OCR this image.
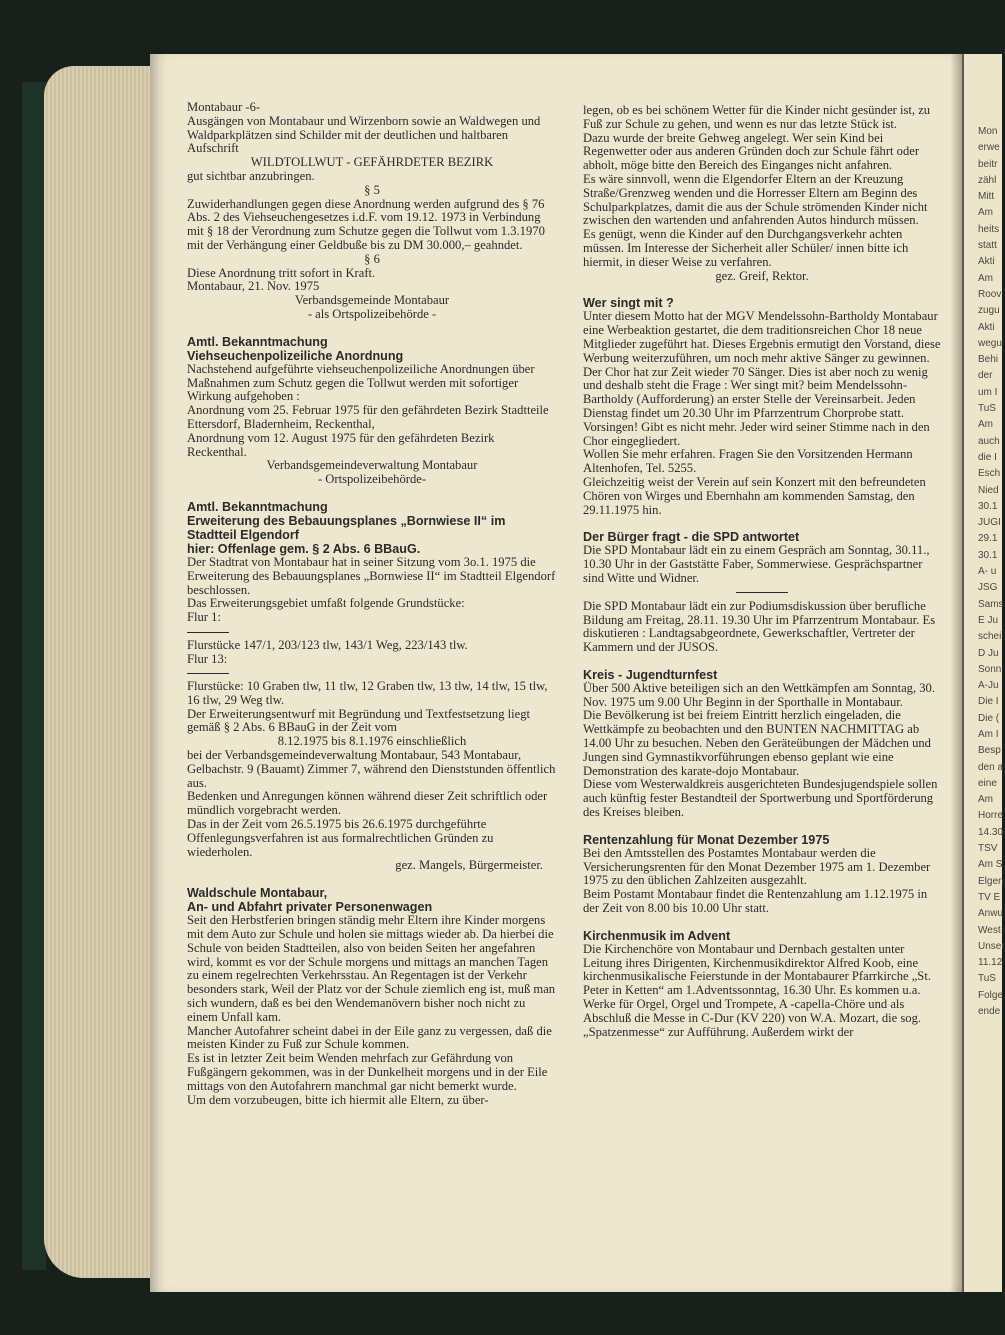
Montabaur -6-

Ausgängen von Montabaur und Wirzenborn sowie an Waldwegen und Waldparkplätzen sind Schilder mit der deutlichen und haltbaren Aufschrift

WILDTOLLWUT - GEFÄHRDETER BEZIRK

gut sichtbar anzubringen.

§ 5

Zuwiderhandlungen gegen diese Anordnung werden aufgrund des § 76 Abs. 2 des Viehseuchengesetzes i.d.F. vom 19.12. 1973 in Verbindung mit § 18 der Verordnung zum Schutze gegen die Tollwut vom 1.3.1970 mit der Verhängung einer Geldbuße bis zu DM 30.000,– geahndet.

§ 6

Diese Anordnung tritt sofort in Kraft.

Montabaur, 21. Nov. 1975

Verbandsgemeinde Montabaur

- als Ortspolizeibehörde -

Amtl. Bekanntmachung

Viehseuchenpolizeiliche Anordnung

Nachstehend aufgeführte viehseuchenpolizeiliche Anordnungen über Maßnahmen zum Schutz gegen die Tollwut werden mit sofortiger Wirkung aufgehoben :

Anordnung vom 25. Februar 1975 für den gefährdeten Bezirk Stadtteile Ettersdorf, Bladernheim, Reckenthal,

Anordnung vom 12. August 1975 für den gefährdeten Bezirk Reckenthal.

Verbandsgemeindeverwaltung Montabaur

- Ortspolizeibehörde-

Amtl. Bekanntmachung

Erweiterung des Bebauungsplanes „Bornwiese II“ im Stadtteil Elgendorf

hier: Offenlage gem. § 2 Abs. 6 BBauG.

Der Stadtrat von Montabaur hat in seiner Sitzung vom 3o.1. 1975 die Erweiterung des Bebauungsplanes „Bornwiese II“ im Stadtteil Elgendorf beschlossen.

Das Erweiterungsgebiet umfaßt folgende Grundstücke:

Flur 1:

Flurstücke 147/1, 203/123 tlw, 143/1 Weg, 223/143 tlw.

Flur 13:

Flurstücke: 10 Graben tlw, 11 tlw, 12 Graben tlw, 13 tlw, 14 tlw, 15 tlw, 16 tlw, 29 Weg tlw.

Der Erweiterungsentwurf mit Begründung und Textfestsetzung liegt gemäß § 2 Abs. 6 BBauG in der Zeit vom

8.12.1975 bis 8.1.1976 einschließlich

bei der Verbandsgemeindeverwaltung Montabaur, 543 Montabaur, Gelbachstr. 9 (Bauamt) Zimmer 7, während den Dienststunden öffentlich aus.

Bedenken und Anregungen können während dieser Zeit schriftlich oder mündlich vorgebracht werden.

Das in der Zeit vom 26.5.1975 bis 26.6.1975 durchgeführte Offenlegungsverfahren ist aus formalrechtlichen Gründen zu wiederholen.

gez. Mangels, Bürgermeister.

Waldschule Montabaur,

An- und Abfahrt privater Personenwagen

Seit den Herbstferien bringen ständig mehr Eltern ihre Kinder morgens mit dem Auto zur Schule und holen sie mittags wieder ab. Da hierbei die Schule von beiden Stadtteilen, also von beiden Seiten her angefahren wird, kommt es vor der Schule morgens und mittags an manchen Tagen zu einem regelrechten Verkehrsstau. An Regentagen ist der Verkehr besonders stark, Weil der Platz vor der Schule ziemlich eng ist, muß man sich wundern, daß es bei den Wendemanövern bisher noch nicht zu einem Unfall kam.

Mancher Autofahrer scheint dabei in der Eile ganz zu vergessen, daß die meisten Kinder zu Fuß zur Schule kommen.

Es ist in letzter Zeit beim Wenden mehrfach zur Gefährdung von Fußgängern gekommen, was in der Dunkelheit morgens und in der Eile mittags von den Autofahrern manchmal gar nicht bemerkt wurde.

Um dem vorzubeugen, bitte ich hiermit alle Eltern, zu über-

legen, ob es bei schönem Wetter für die Kinder nicht gesünder ist, zu Fuß zur Schule zu gehen, und wenn es nur das letzte Stück ist.

Dazu wurde der breite Gehweg angelegt. Wer sein Kind bei Regenwetter oder aus anderen Gründen doch zur Schule fährt oder abholt, möge bitte den Bereich des Einganges nicht anfahren.

Es wäre sinnvoll, wenn die Elgendorfer Eltern an der Kreuzung Straße/Grenzweg wenden und die Horresser Eltern am Beginn des Schulparkplatzes, damit die aus der Schule strömenden Kinder nicht zwischen den wartenden und anfahrenden Autos hindurch müssen.

Es genügt, wenn die Kinder auf den Durchgangsverkehr achten müssen. Im Interesse der Sicherheit aller Schüler/ innen bitte ich hiermit, in dieser Weise zu verfahren.

gez. Greif, Rektor.

Wer singt mit ?

Unter diesem Motto hat der MGV Mendelssohn-Bartholdy Montabaur eine Werbeaktion gestartet, die dem traditionsreichen Chor 18 neue Mitglieder zugeführt hat. Dieses Ergebnis ermutigt den Vorstand, diese Werbung weiterzuführen, um noch mehr aktive Sänger zu gewinnen.

Der Chor hat zur Zeit wieder 70 Sänger. Dies ist aber noch zu wenig und deshalb steht die Frage : Wer singt mit? beim Mendelssohn-Bartholdy (Aufforderung) an erster Stelle der Vereinsarbeit. Jeden Dienstag findet um 20.30 Uhr im Pfarrzentrum Chorprobe statt. Vorsingen! Gibt es nicht mehr. Jeder wird seiner Stimme nach in den Chor eingegliedert.

Wollen Sie mehr erfahren. Fragen Sie den Vorsitzenden Hermann Altenhofen, Tel. 5255.

Gleichzeitig weist der Verein auf sein Konzert mit den befreundeten Chören von Wirges und Ebernhahn am kommenden Samstag, den 29.11.1975 hin.

Der Bürger fragt - die SPD antwortet

Die SPD Montabaur lädt ein zu einem Gespräch am Sonntag, 30.11., 10.30 Uhr in der Gaststätte Faber, Sommerwiese. Gesprächspartner sind Witte und Widner.

Die SPD Montabaur lädt ein zur Podiumsdiskussion über berufliche Bildung am Freitag, 28.11. 19.30 Uhr im Pfarrzentrum Montabaur. Es diskutieren : Landtagsabgeordnete, Gewerkschaftler, Vertreter der Kammern und der JUSOS.

Kreis - Jugendturnfest

Über 500 Aktive beteiligen sich an den Wettkämpfen am Sonntag, 30. Nov. 1975 um 9.00 Uhr Beginn in der Sporthalle in Montabaur.

Die Bevölkerung ist bei freiem Eintritt herzlich eingeladen, die Wettkämpfe zu beobachten und den BUNTEN NACHMITTAG ab 14.00 Uhr zu besuchen. Neben den Geräteübungen der Mädchen und Jungen sind Gymnastikvorführungen ebenso geplant wie eine Demonstration des karate-dojo Montabaur.

Diese vom Westerwaldkreis ausgerichteten Bundesjugendspiele sollen auch künftig fester Bestandteil der Sportwerbung und Sportförderung des Kreises bleiben.

Rentenzahlung für Monat Dezember 1975

Bei den Amtsstellen des Postamtes Montabaur werden die Versicherungsrenten für den Monat Dezember 1975 am 1. Dezember 1975 zu den üblichen Zahlzeiten ausgezahlt.

Beim Postamt Montabaur findet die Rentenzahlung am 1.12.1975 in der Zeit von 8.00 bis 10.00 Uhr statt.

Kirchenmusik im Advent

Die Kirchenchöre von Montabaur und Dernbach gestalten unter Leitung ihres Dirigenten, Kirchenmusikdirektor Alfred Koob, eine kirchenmusikalische Feierstunde in der Montabaurer Pfarrkirche „St. Peter in Ketten“ am 1.Adventssonntag, 16.30 Uhr. Es kommen u.a. Werke für Orgel, Orgel und Trompete, A -capella-Chöre und als Abschluß die Messe in C-Dur (KV 220) von W.A. Mozart, die sog. „Spatzenmesse“ zur Aufführung. Außerdem wirkt der

Mon
erwe
beitr
zähl
Mitt
Am
heits
statt
Akti
Am
Roov
zugu
Akti
wegu
Behi
der
um I
TuS
Am
auch
die I
Esch
Nied
30.1
JUGI
29.1
30.1
A- u
JSG
Sams
E Ju
schei
D Ju
Sonn
A-Ju
Die I
Die (
Am I
Besp
den a
eine
Am
Horre
14.30
TSV
Am S
Elgen
TV E
Anwu
West-
Unser
11.12
TuS
Folge
ende
